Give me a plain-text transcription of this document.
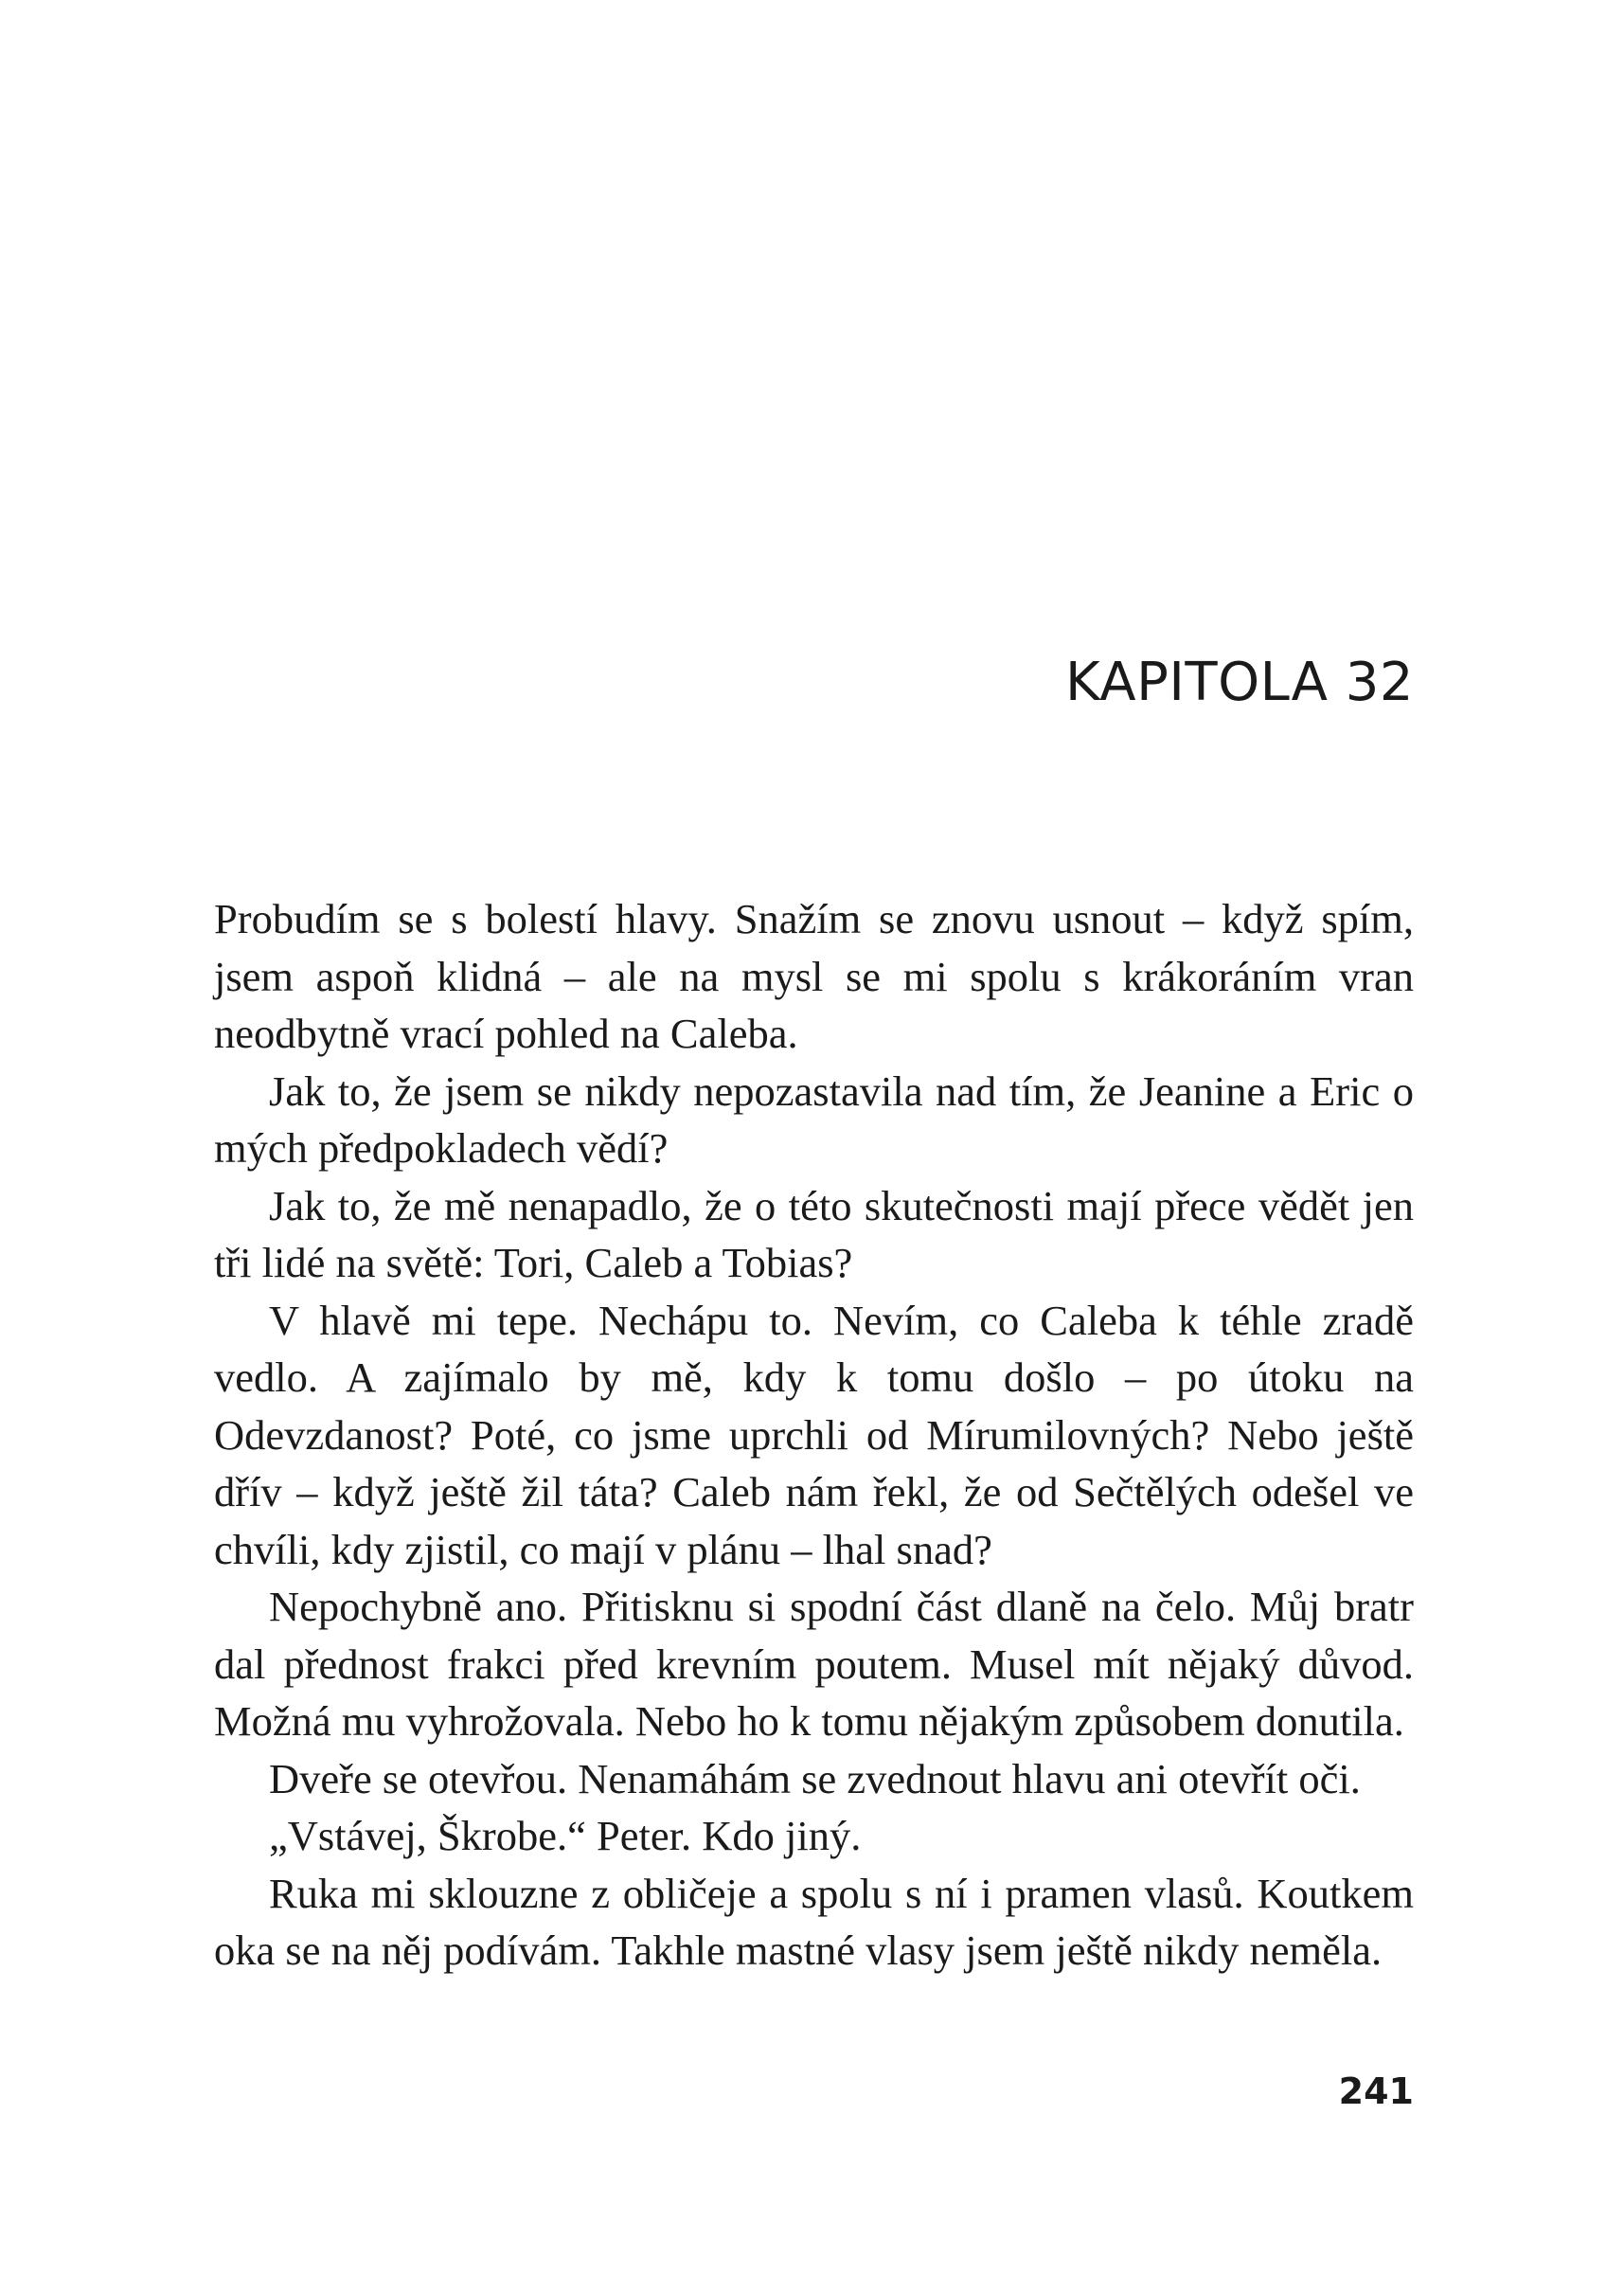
KAPITOLA 32

Probudím se s bolestí hlavy. Snažím se znovu usnout – když spím, jsem aspoň klidná – ale na mysl se mi spolu s krákoráním vran neodbytně vrací pohled na Caleba.

Jak to, že jsem se nikdy nepozastavila nad tím, že Jeanine a Eric o mých předpokladech vědí?

Jak to, že mě nenapadlo, že o této skutečnosti mají přece vědět jen tři lidé na světě: Tori, Caleb a Tobias?

V hlavě mi tepe. Nechápu to. Nevím, co Caleba k téhle zradě vedlo. A zajímalo by mě, kdy k tomu došlo – po útoku na Odevzdanost? Poté, co jsme uprchli od Mírumilovných? Nebo ještě dřív – když ještě žil táta? Caleb nám řekl, že od Sečtělých odešel ve chvíli, kdy zjistil, co mají v plánu – lhal snad?

Nepochybně ano. Přitisknu si spodní část dlaně na čelo. Můj bratr dal přednost frakci před krevním poutem. Musel mít nějaký důvod. Možná mu vyhrožovala. Nebo ho k tomu nějakým způsobem donutila.

Dveře se otevřou. Nenamáhám se zvednout hlavu ani otevřít oči.

„Vstávej, Škrobe.“ Peter. Kdo jiný.

Ruka mi sklouzne z obličeje a spolu s ní i pramen vlasů. Koutkem oka se na něj podívám. Takhle mastné vlasy jsem ještě nikdy neměla.

241
